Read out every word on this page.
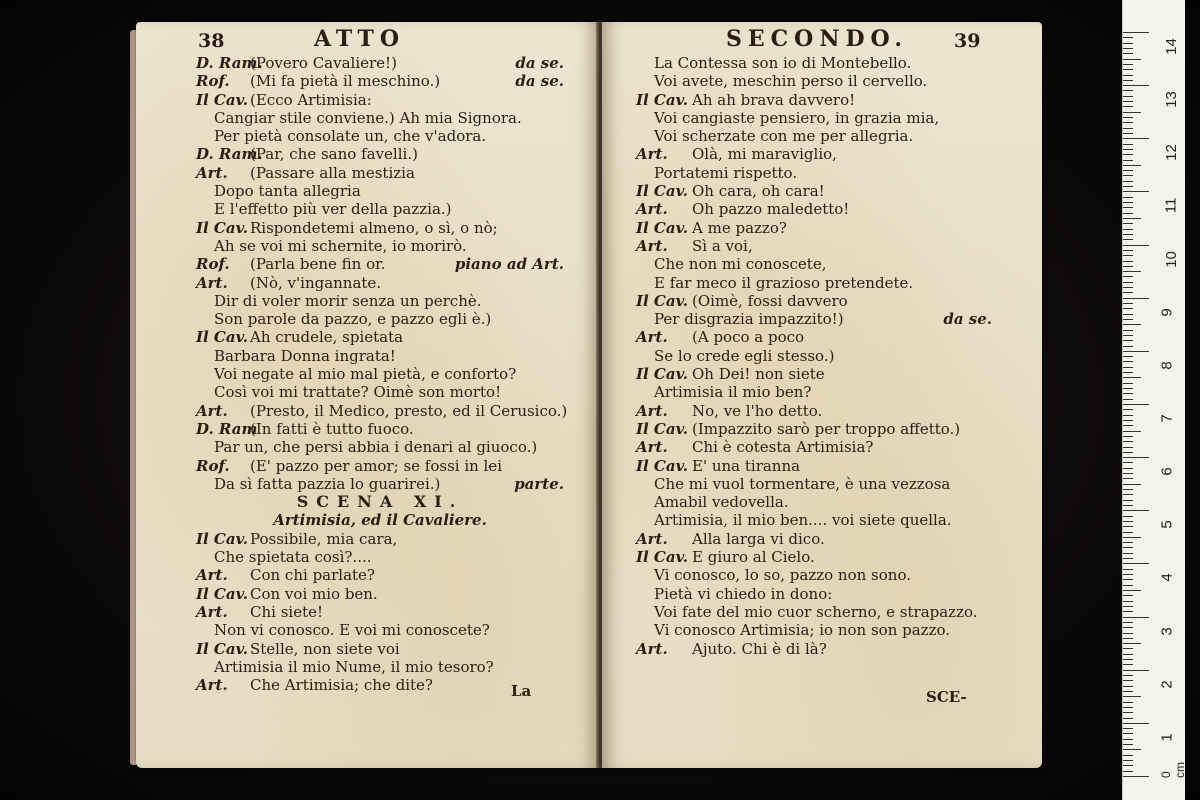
38	ATTO
D. Ram.(Povero Cavaliere!)	da se.
Rof. (Mi fa pietà il meschino.)	da se.
Il Cav. (Ecco Artimisia:
Cangiar stile conviene.) Ah mia Signora.
Per pietà consolate un, che v'adora.
D. Ram.(Par, che sano favelli.)
Art. (Passare alla mestizia
Dopo tanta allegria
E l'effetto più ver della pazzia.)
Il Cav. Rispondetemi almeno, o sì, o nò;
Ah se voi mi schernite, io morirò.
Rof. (Parla bene fin or.	piano ad Art.
Art. (Nò, v'ingannate.
Dir di voler morir senza un perchè.
Son parole da pazzo, e pazzo egli è.)
Il Cav. Ah crudele, spietata
Barbara Donna ingrata!
Voi negate al mio mal pietà, e conforto?
Così voi mi trattate? Oimè son morto!
Art. (Presto, il Medico, presto, ed il Cerusico.)
D. Ram(In fatti è tutto fuoco.
Par un, che persi abbia i denari al giuoco.)
Rof. (E' pazzo per amor; se fossi in lei
Da sì fatta pazzia lo guarirei.)	parte.
SCENA XI.
Artimisia, ed il Cavaliere.
Il Cav. Possibile, mia cara,
Che spietata così?....
Art. Con chi parlate?
Il Cav. Con voi mio ben.
Art. Chi siete!
Non vi conosco. E voi mi conoscete?
Il Cav. Stelle, non siete voi
Artimisia il mio Nume, il mio tesoro?
Art. Che Artimisia; che dite?	La
SECONDO. 39
La Contessa son io di Montebello.
Voi avete, meschin perso il cervello.
Il Cav. Ah ah brava davvero!
Voi cangiaste pensiero, in grazia mia,
Voi scherzate con me per allegria.
Art. Olà, mi maraviglio,
Portatemi rispetto.
Il Cav. Oh cara, oh cara!
Art. Oh pazzo maledetto!
Il Cav. A me pazzo?
Art. Sì a voi,
Che non mi conoscete,
E far meco il grazioso pretendete.
Il Cav. (Oimè, fossi davvero
Per disgrazia impazzito!)	da se.
Art. (A poco a poco
Se lo crede egli stesso.)
Il Cav. Oh Dei! non siete
Artimisia il mio ben?
Art. No, ve l'ho detto.
Il Cav. (Impazzito sarò per troppo affetto.)
Art. Chi è cotesta Artimisia?
Il Cav. E' una tiranna
Che mi vuol tormentare, è una vezzosa
Amabil vedovella.
Artimisia, il mio ben.... voi siete quella.
Art. Alla larga vi dico.
Il Cav. E giuro al Cielo.
Vi conosco, lo so, pazzo non sono.
Pietà vi chiedo in dono:
Voi fate del mio cuor scherno, e strapazzo.
Vi conosco Artimisia; io non son pazzo.
Art. Ajuto. Chi è di là?
SCE-
0 cm
1
2
3
4
5
6
7
8
9
10
11
12
13
14
